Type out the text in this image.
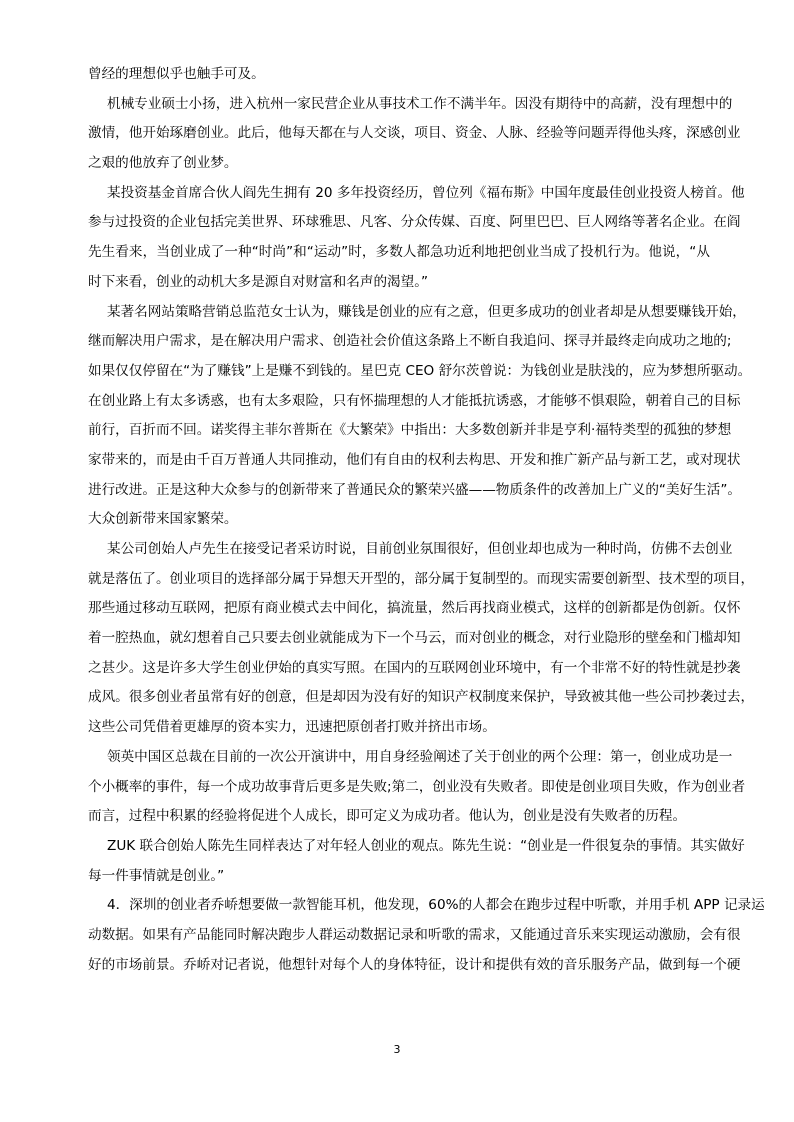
曾经的理想似乎也触手可及。
机械专业硕士小扬，进入杭州一家民营企业从事技术工作不满半年。因没有期待中的高薪，没有理想中的
激情，他开始琢磨创业。此后，他每天都在与人交谈，项目、资金、人脉、经验等问题弄得他头疼，深感创业
之艰的他放弃了创业梦。
某投资基金首席合伙人阎先生拥有 20 多年投资经历，曾位列《福布斯》中国年度最佳创业投资人榜首。他
参与过投资的企业包括完美世界、环球雅思、凡客、分众传媒、百度、阿里巴巴、巨人网络等著名企业。在阎
先生看来，当创业成了一种“时尚”和“运动”时，多数人都急功近利地把创业当成了投机行为。他说，“从
时下来看，创业的动机大多是源自对财富和名声的渴望。”
某著名网站策略营销总监范女士认为，赚钱是创业的应有之意，但更多成功的创业者却是从想要赚钱开始，
继而解决用户需求，是在解决用户需求、创造社会价值这条路上不断自我追问、探寻并最终走向成功之地的;
如果仅仅停留在“为了赚钱”上是赚不到钱的。星巴克 CEO 舒尔茨曾说：为钱创业是肤浅的，应为梦想所驱动。
在创业路上有太多诱惑，也有太多艰险，只有怀揣理想的人才能抵抗诱惑，才能够不惧艰险，朝着自己的目标
前行，百折而不回。诺奖得主菲尔普斯在《大繁荣》中指出：大多数创新并非是亨利·福特类型的孤独的梦想
家带来的，而是由千百万普通人共同推动，他们有自由的权利去构思、开发和推广新产品与新工艺，或对现状
进行改进。正是这种大众参与的创新带来了普通民众的繁荣兴盛——物质条件的改善加上广义的“美好生活”。
大众创新带来国家繁荣。
某公司创始人卢先生在接受记者采访时说，目前创业氛围很好，但创业却也成为一种时尚，仿佛不去创业
就是落伍了。创业项目的选择部分属于异想天开型的，部分属于复制型的。而现实需要创新型、技术型的项目，
那些通过移动互联网，把原有商业模式去中间化，搞流量，然后再找商业模式，这样的创新都是伪创新。仅怀
着一腔热血，就幻想着自己只要去创业就能成为下一个马云，而对创业的概念，对行业隐形的壁垒和门槛却知
之甚少。这是许多大学生创业伊始的真实写照。在国内的互联网创业环境中，有一个非常不好的特性就是抄袭
成风。很多创业者虽常有好的创意，但是却因为没有好的知识产权制度来保护，导致被其他一些公司抄袭过去，
这些公司凭借着更雄厚的资本实力，迅速把原创者打败并挤出市场。
领英中国区总裁在目前的一次公开演讲中，用自身经验阐述了关于创业的两个公理：第一，创业成功是一
个小概率的事件，每一个成功故事背后更多是失败;第二，创业没有失败者。即使是创业项目失败，作为创业者
而言，过程中积累的经验将促进个人成长，即可定义为成功者。他认为，创业是没有失败者的历程。
ZUK 联合创始人陈先生同样表达了对年轻人创业的观点。陈先生说：“创业是一件很复杂的事情。其实做好
每一件事情就是创业。”
4．深圳的创业者乔峤想要做一款智能耳机，他发现，60%的人都会在跑步过程中听歌，并用手机 APP 记录运
动数据。如果有产品能同时解决跑步人群运动数据记录和听歌的需求，又能通过音乐来实现运动激励，会有很
好的市场前景。乔峤对记者说，他想针对每个人的身体特征，设计和提供有效的音乐服务产品，做到每一个硬
3
